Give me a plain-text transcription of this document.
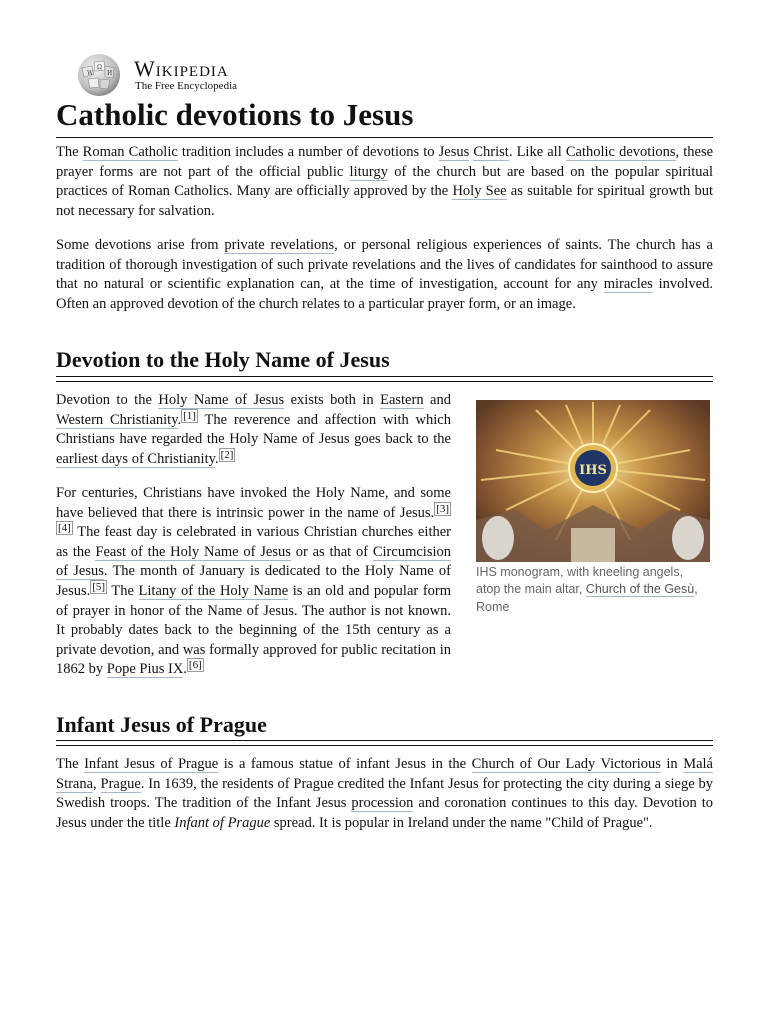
Ω
W И Wikipedia
The Free Encyclopedia
Catholic devotions to Jesus

The Roman Catholic tradition includes a number of devotions to Jesus Christ. Like all Catholic devotions, these prayer forms are not part of the official public liturgy of the church but are based on the popular spiritual practices of Roman Catholics. Many are officially approved by the Holy See as suitable for spiritual growth but not necessary for salvation.

Some devotions arise from private revelations, or personal religious experiences of saints. The church has a tradition of thorough investigation of such private revelations and the lives of candidates for sainthood to assure that no natural or scientific explanation can, at the time of investigation, account for any miracles involved. Often an approved devotion of the church relates to a particular prayer form, or an image.

Devotion to the Holy Name of Jesus

Devotion to the Holy Name of Jesus exists both in Eastern and Western Christianity. [1] The reverence and affection with which Christians have regarded the Holy Name of Jesus goes back to the earliest days of Christianity. [2]

For centuries, Christians have invoked the Holy Name, and some have believed that there is intrinsic power in the name of Jesus. [3][4] The feast day is celebrated in various Christian churches either as the Feast of the Holy Name of Jesus or as that of Circumcision of Jesus. The month of January is dedicated to the Holy Name of Jesus. [5] The Litany of the Holy Name is an old and popular form of prayer in honor of the Name of Jesus. The author is not known. It probably dates back to the beginning of the 15th century as a private devotion, and was formally approved for public recitation in 1862 by Pope Pius IX. [6]

IHS
IHS monogram, with kneeling angels, atop the main altar, Church of the Gesù, Rome
Infant Jesus of Prague

The Infant Jesus of Prague is a famous statue of infant Jesus in the Church of Our Lady Victorious in Malá Strana, Prague. In 1639, the residents of Prague credited the Infant Jesus for protecting the city during a siege by Swedish troops. The tradition of the Infant Jesus procession and coronation continues to this day. Devotion to Jesus under the title Infant of Prague spread. It is popular in Ireland under the name "Child of Prague".
